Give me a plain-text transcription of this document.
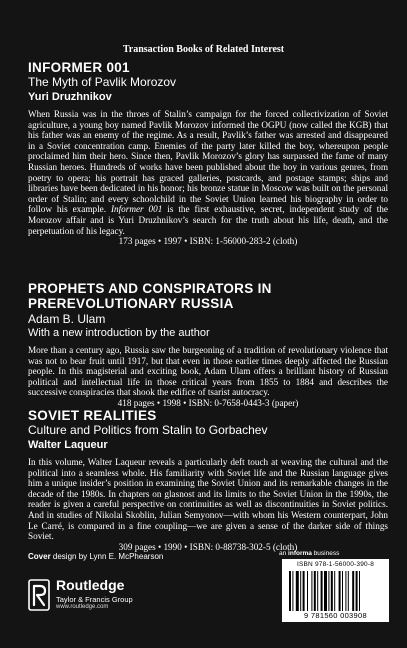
Transaction Books of Related Interest
INFORMER 001
The Myth of Pavlik Morozov
Yuri Druzhnikov
When Russia was in the throes of Stalin’s campaign for the forced collectivization of Soviet agriculture, a young boy named Pavlik Morozov informed the OGPU (now called the KGB) that his father was an enemy of the regime. As a result, Pavlik’s father was arrested and disappeared in a Soviet concentration camp. Enemies of the party later killed the boy, whereupon people proclaimed him their hero. Since then, Pavlik Morozov’s glory has surpassed the fame of many Russian heroes. Hundreds of works have been published about the boy in various genres, from poetry to opera; his portrait has graced galleries, postcards, and postage stamps; ships and libraries have been dedicated in his honor; his bronze statue in Moscow was built on the personal order of Stalin; and every schoolchild in the Soviet Union learned his biography in order to follow his example. Informer 001 is the first exhaustive, secret, independent study of the Morozov affair and is Yuri Druzhnikov’s search for the truth about his life, death, and the perpetuation of his legacy.
173 pages • 1997 • ISBN: 1-56000-283-2 (cloth)
PROPHETS AND CONSPIRATORS IN
PREREVOLUTIONARY RUSSIA
Adam B. Ulam
With a new introduction by the author
More than a century ago, Russia saw the burgeoning of a tradition of revolutionary violence that was not to bear fruit until 1917, but that even in those earlier times deeply affected the Russian people. In this magisterial and exciting book, Adam Ulam offers a brilliant history of Russian political and intellectual life in those critical years from 1855 to 1884 and describes the successive conspiracies that shook the edifice of tsarist autocracy.
418 pages • 1998 • ISBN: 0-7658-0443-3 (paper)
SOVIET REALITIES
Culture and Politics from Stalin to Gorbachev
Walter Laqueur
In this volume, Walter Laqueur reveals a particularly deft touch at weaving the cultural and the political into a seamless whole. His familiarity with Soviet life and the Russian language gives him a unique insider’s position in examining the Soviet Union and its remarkable changes in the decade of the 1980s. In chapters on glasnost and its limits to the Soviet Union in the 1990s, the reader is given a careful perspective on continuities as well as discontinuities in Soviet politics. And in studies of Nikolai Skoblin, Julian Semyonov—with whom his Western counterpart, John Le Carré, is compared in a fine coupling—we are given a sense of the darker side of things Soviet.
309 pages • 1990 • ISBN: 0-88738-302-5 (cloth)
Cover design by Lynn E. McPhearson	an informa business
Routledge
Taylor & Francis Group
www.routledge.com
ISBN 978-1-56000-390-8
9 781560 003908
